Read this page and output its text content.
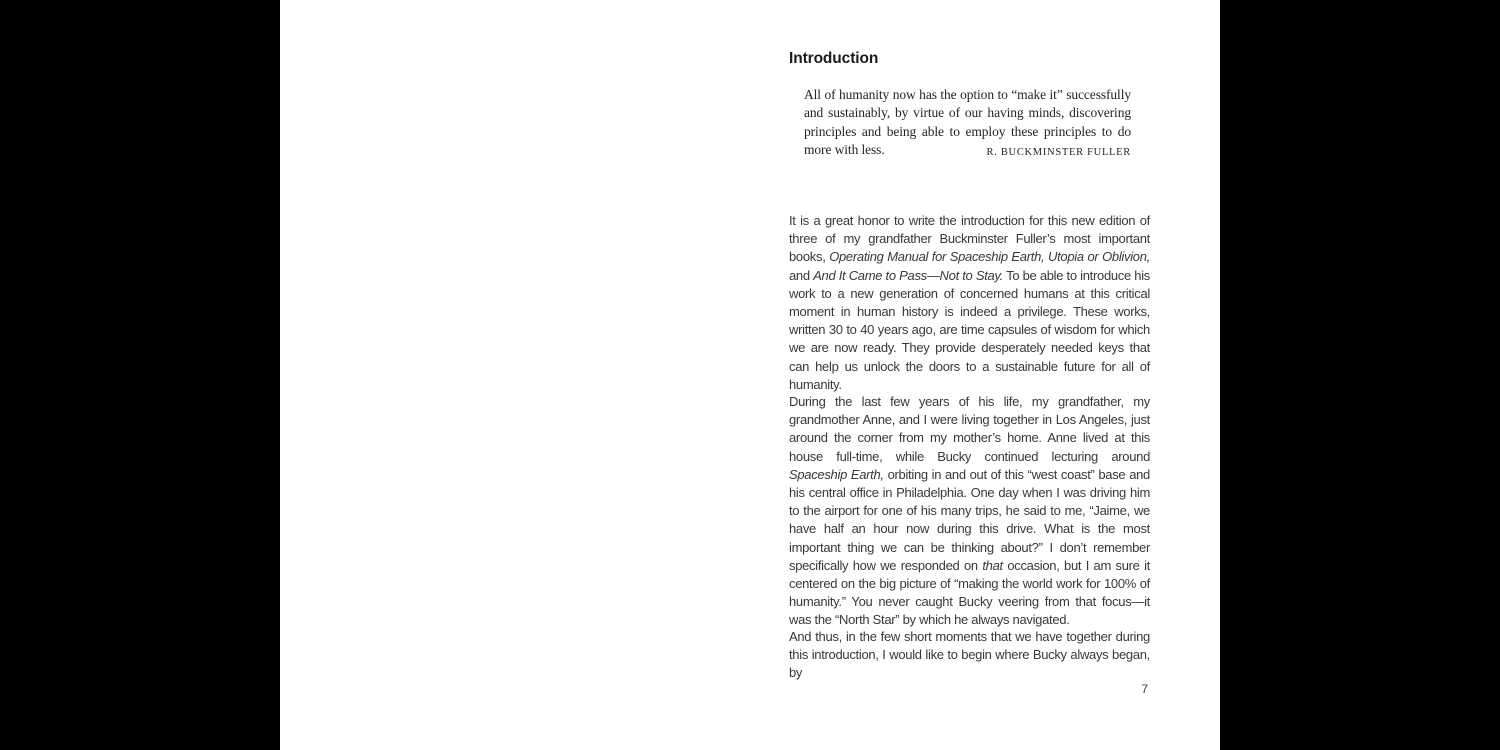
Introduction
All of humanity now has the option to “make it” successfully and sustainably, by virtue of our having minds, discovering principles and being able to employ these principles to do more with less.	R. BUCKMINSTER FULLER

It is a great honor to write the introduction for this new edition of three of my grandfather Buckminster Fuller’s most important books, Operating Manual for Spaceship Earth, Utopia or Oblivion, and And It Came to Pass—Not to Stay. To be able to introduce his work to a new generation of concerned humans at this critical moment in human history is indeed a privilege. These works, written 30 to 40 years ago, are time capsules of wisdom for which we are now ready. They provide desperately needed keys that can help us unlock the doors to a sustainable future for all of humanity.

During the last few years of his life, my grandfather, my grandmother Anne, and I were living together in Los Angeles, just around the corner from my mother’s home. Anne lived at this house full-time, while Bucky continued lecturing around Spaceship Earth, orbiting in and out of this “west coast” base and his central office in Philadelphia. One day when I was driving him to the airport for one of his many trips, he said to me, “Jaime, we have half an hour now during this drive. What is the most important thing we can be thinking about?” I don’t remember specifically how we responded on that occasion, but I am sure it centered on the big picture of “making the world work for 100% of humanity.” You never caught Bucky veering from that focus—it was the “North Star” by which he always navigated.

And thus, in the few short moments that we have together during this introduction, I would like to begin where Bucky always began, by

7
